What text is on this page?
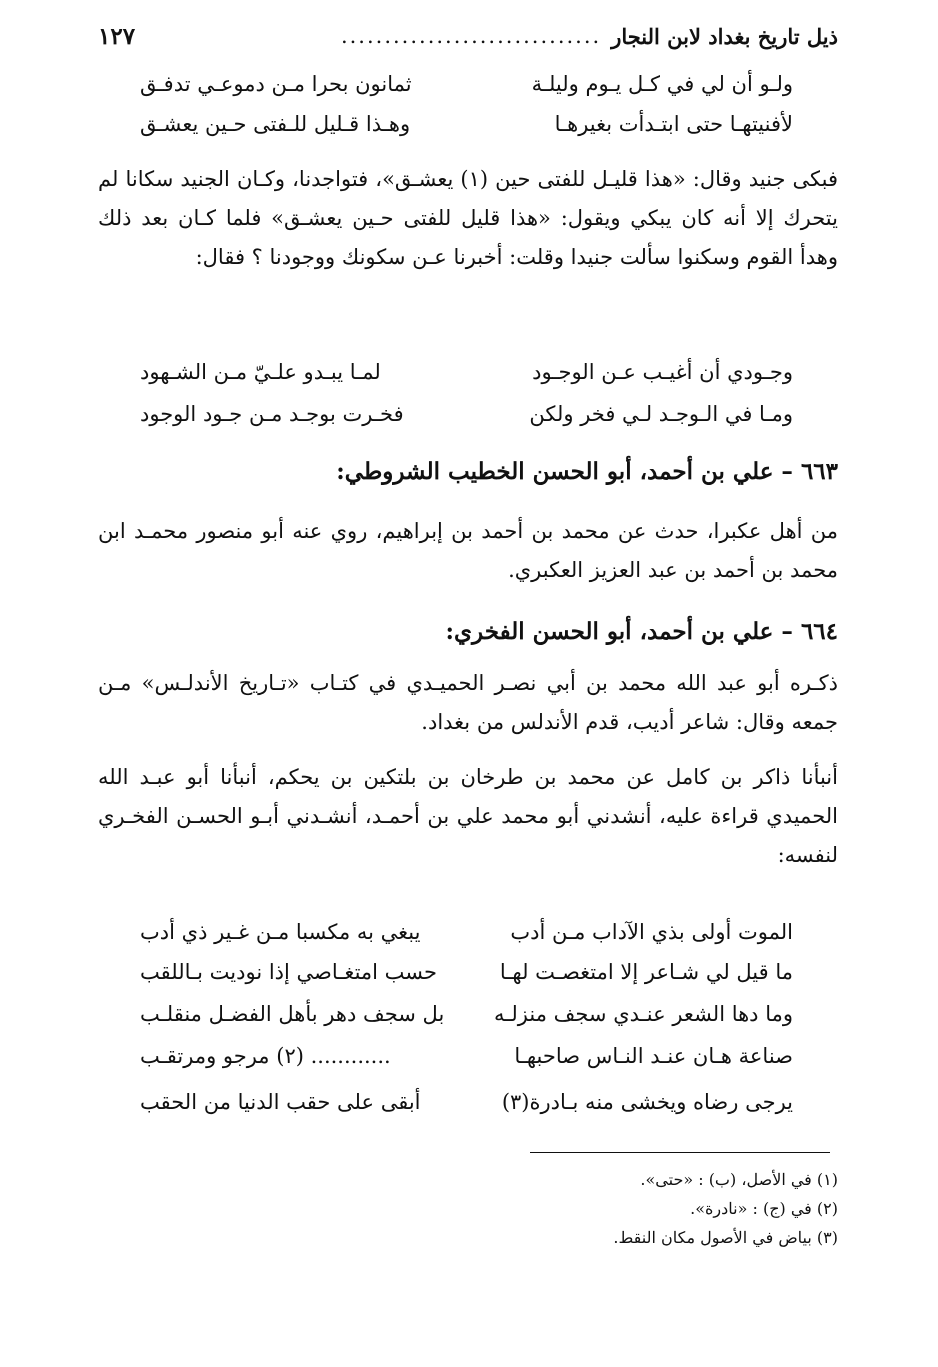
ذيل تاريخ بغداد لابن النجار
..............................
١٢٧
ولـو أن لي في كـل يـوم وليلـة
ثمانون بحرا مـن دموعـي تدفـق
لأفنيتهـا حتى ابتـدأت بغيرهـا
وهـذا قـليل للـفتى حـين يعشـق
فبكى جنيد وقال: «هذا قليـل للفتى حين (١) يعشـق»، فتواجدنا، وكـان الجنيد سكانا لم يتحرك إلا أنه كان يبكي ويقول: «هذا قليل للفتى حـين يعشـق» فلما كـان بعد ذلك وهدأ القوم وسكنوا سألت جنيدا وقلت: أخبرنا عـن سكونك ووجودنا ؟ فقال:
وجـودي أن أغيـب عـن الوجـود
لمـا يبـدو علـيّ مـن الشـهود
ومـا في الـوجـد لـي فخر ولكن
فخـرت بوجـد مـن جـود الوجود
٦٦٣ – علي بن أحمد، أبو الحسن الخطيب الشروطي:
من أهل عكبرا، حدث عن محمد بن أحمد بن إبراهيم، روي عنه أبو منصور محمـد ابن محمد بن أحمد بن عبد العزيز العكبري.
٦٦٤ – علي بن أحمد، أبو الحسن الفخري:
ذكـره أبو عبد الله محمد بن أبي نصـر الحميـدي في كتـاب «تـاريخ الأندلـس» مـن جمعه وقال: شاعر أديب، قدم الأندلس من بغداد.
أنبأنا ذاكر بن كامل عن محمد بن طرخان بن بلتكين بن يحكم، أنبأنا أبو عبـد الله الحميدي قراءة عليه، أنشدني أبو محمد علي بن أحمـد، أنشـدني أبـو الحسـن الفخـري لنفسه:
الموت أولى بذي الآداب مـن أدب
يبغي به مكسبا مـن غـير ذي أدب
ما قيل لي شـاعر إلا امتغصـت لهـا
حسب امتغـاصي إذا نوديت بـاللقب
وما دها الشعر عنـدي سجف منزلـه
بل سجف دهر بأهل الفضـل منقلـب
صناعة هـان عنـد النـاس صاحبهـا
............ (٢) مرجو ومرتقـب
يرجى رضاه ويخشى منه بـادرة(٣)
أبقى على حقب الدنيا من الحقب
(١) في الأصل، (ب) : «حتى».
(٢) في (ج) : «نادرة».
(٣) بياض في الأصول مكان النقط.
